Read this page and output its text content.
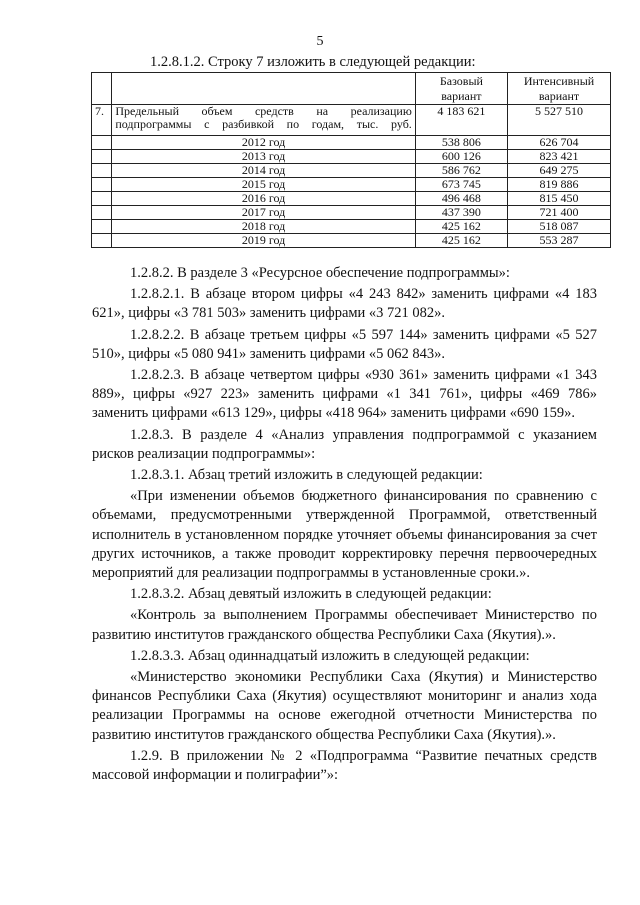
5
1.2.8.1.2. Строку 7 изложить в следующей редакции:
		Базовый вариант	Интенсивный вариант
7.	Предельный объем средств на реализацию подпрограммы с разбивкой по годам, тыс. руб.	4 183 621	5 527 510
	2012 год	538 806	626 704
	2013 год	600 126	823 421
	2014 год	586 762	649 275
	2015 год	673 745	819 886
	2016 год	496 468	815 450
	2017 год	437 390	721 400
	2018 год	425 162	518 087
	2019 год	425 162	553 287

1.2.8.2. В разделе 3 «Ресурсное обеспечение подпрограммы»:

1.2.8.2.1. В абзаце втором цифры «4 243 842» заменить цифрами «4 183 621», цифры «3 781 503» заменить цифрами «3 721 082».

1.2.8.2.2. В абзаце третьем цифры «5 597 144» заменить цифрами «5 527 510», цифры «5 080 941» заменить цифрами «5 062 843».

1.2.8.2.3. В абзаце четвертом цифры «930 361» заменить цифрами «1 343 889», цифры «927 223» заменить цифрами «1 341 761», цифры «469 786» заменить цифрами «613 129», цифры «418 964» заменить цифрами «690 159».

1.2.8.3. В разделе 4 «Анализ управления подпрограммой с указанием рисков реализации подпрограммы»:

1.2.8.3.1. Абзац третий изложить в следующей редакции:

«При изменении объемов бюджетного финансирования по сравнению с объемами, предусмотренными утвержденной Программой, ответственный исполнитель в установленном порядке уточняет объемы финансирования за счет других источников, а также проводит корректировку перечня первоочередных мероприятий для реализации подпрограммы в установленные сроки.».

1.2.8.3.2. Абзац девятый изложить в следующей редакции:

«Контроль за выполнением Программы обеспечивает Министерство по развитию институтов гражданского общества Республики Саха (Якутия).».

1.2.8.3.3. Абзац одиннадцатый изложить в следующей редакции:

«Министерство экономики Республики Саха (Якутия) и Министерство финансов Республики Саха (Якутия) осуществляют мониторинг и анализ хода реализации Программы на основе ежегодной отчетности Министерства по развитию институтов гражданского общества Республики Саха (Якутия).».

1.2.9. В приложении № 2 «Подпрограмма “Развитие печатных средств массовой информации и полиграфии”»:
